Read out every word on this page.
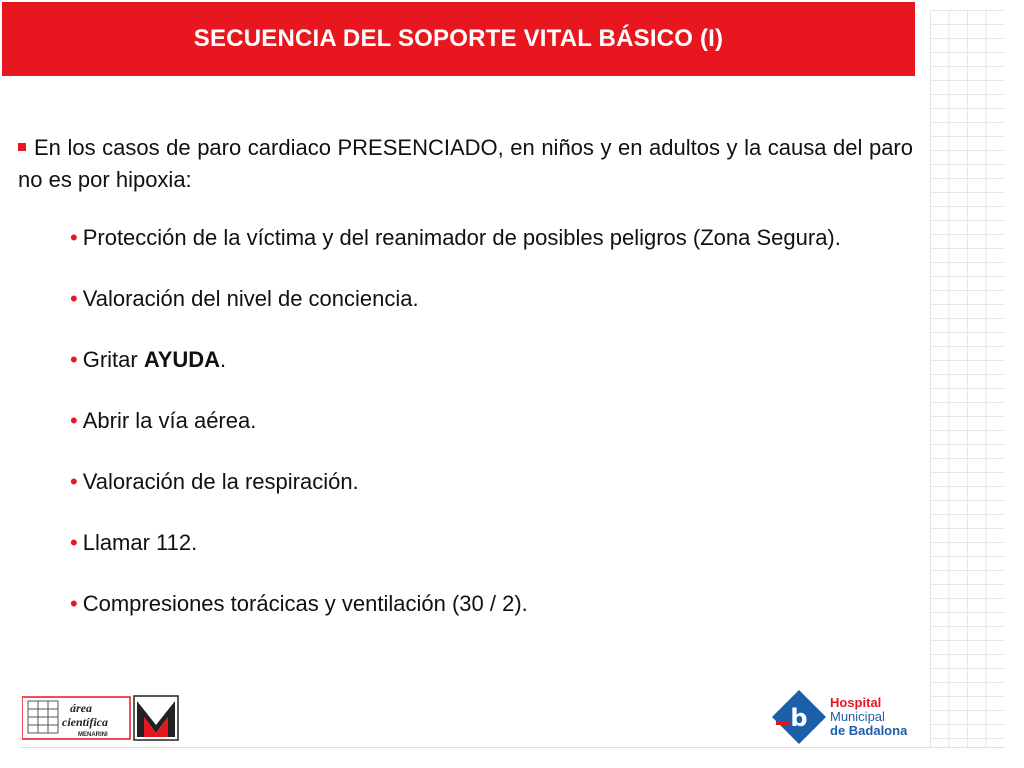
SECUENCIA DEL SOPORTE VITAL BÁSICO (I)

En los casos de paro cardiaco PRESENCIADO, en niños y en adultos y la causa del paro no es por hipoxia:

• Protección de la víctima y del reanimador de posibles peligros (Zona Segura).
• Valoración del nivel de conciencia.
• Gritar AYUDA.
• Abrir la vía aérea.
• Valoración de la respiración.
• Llamar 112.
• Compresiones torácicas y ventilación (30 / 2).
área
científica
MENARINI
b
Hospital
Municipal
de Badalona
